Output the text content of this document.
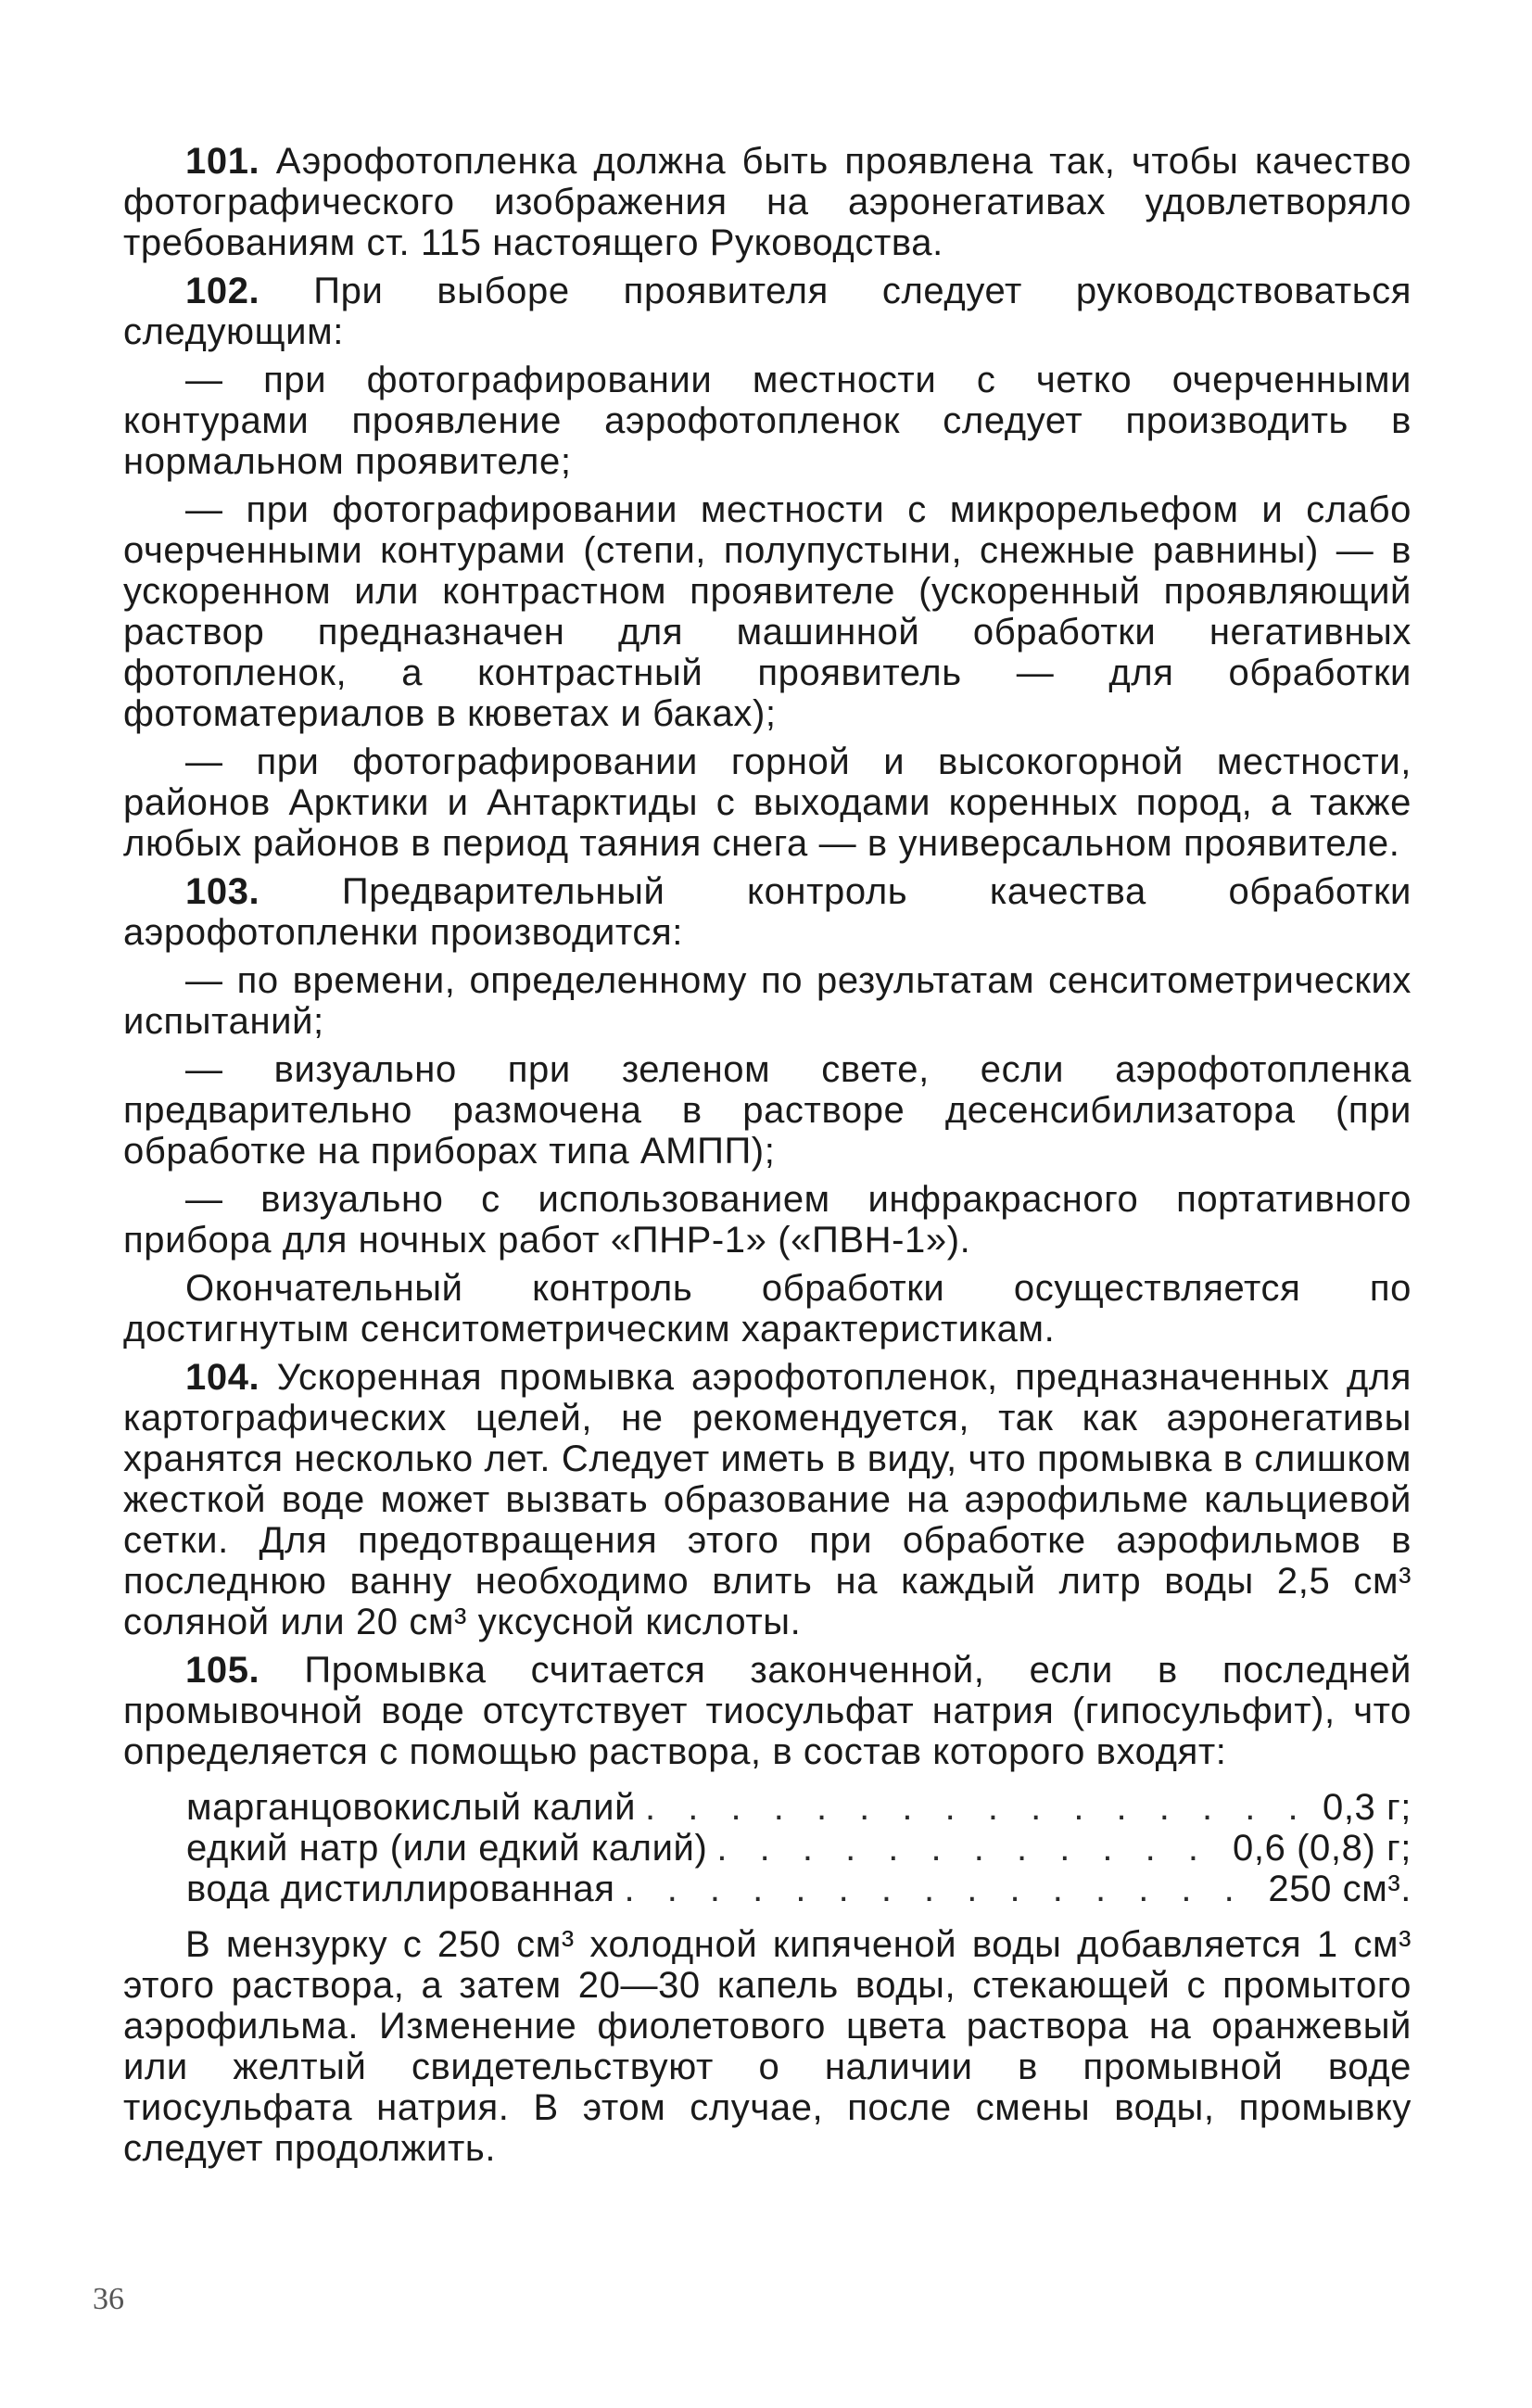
101. Аэрофотопленка должна быть проявлена так, чтобы качество фотографического изображения на аэронегативах удовлетворяло требованиям ст. 115 настоящего Руководства.

102. При выборе проявителя следует руководствоваться следующим:

— при фотографировании местности с четко очерченными контурами проявление аэрофотопленок следует производить в нормальном проявителе;

— при фотографировании местности с микрорельефом и слабо очерченными контурами (степи, полупустыни, снежные равнины) — в ускоренном или контрастном проявителе (ускоренный проявляющий раствор предназначен для машинной обработки негативных фотопленок, а контрастный проявитель — для обработки фотоматериалов в кюветах и баках);

— при фотографировании горной и высокогорной местности, районов Арктики и Антарктиды с выходами коренных пород, а также любых районов в период таяния снега — в универсальном проявителе.

103. Предварительный контроль качества обработки аэрофотопленки производится:

— по времени, определенному по результатам сенситометрических испытаний;

— визуально при зеленом свете, если аэрофотопленка предварительно размочена в растворе десенсибилизатора (при обработке на приборах типа АМПП);

— визуально с использованием инфракрасного портативного прибора для ночных работ «ПНР-1» («ПВН-1»).

Окончательный контроль обработки осуществляется по достигнутым сенситометрическим характеристикам.

104. Ускоренная промывка аэрофотопленок, предназначенных для картографических целей, не рекомендуется, так как аэронегативы хранятся несколько лет. Следует иметь в виду, что промывка в слишком жесткой воде может вызвать образование на аэрофильме кальциевой сетки. Для предотвращения этого при обработке аэрофильмов в последнюю ванну необходимо влить на каждый литр воды 2,5 см³ соляной или 20 см³ уксусной кислоты.

105. Промывка считается законченной, если в последней промывочной воде отсутствует тиосульфат натрия (гипосульфит), что определяется с помощью раствора, в состав которого входят:

марганцовокислый калий . . .	0,3 г;
едкий натр (или едкий калий) . . .	0,6 (0,8) г;
вода дистиллированная . . .	250 см³.

В мензурку с 250 см³ холодной кипяченой воды добавляется 1 см³ этого раствора, а затем 20—30 капель воды, стекающей с промытого аэрофильма. Изменение фиолетового цвета раствора на оранжевый или желтый свидетельствуют о наличии в промывной воде тиосульфата натрия. В этом случае, после смены воды, промывку следует продолжить.

36
